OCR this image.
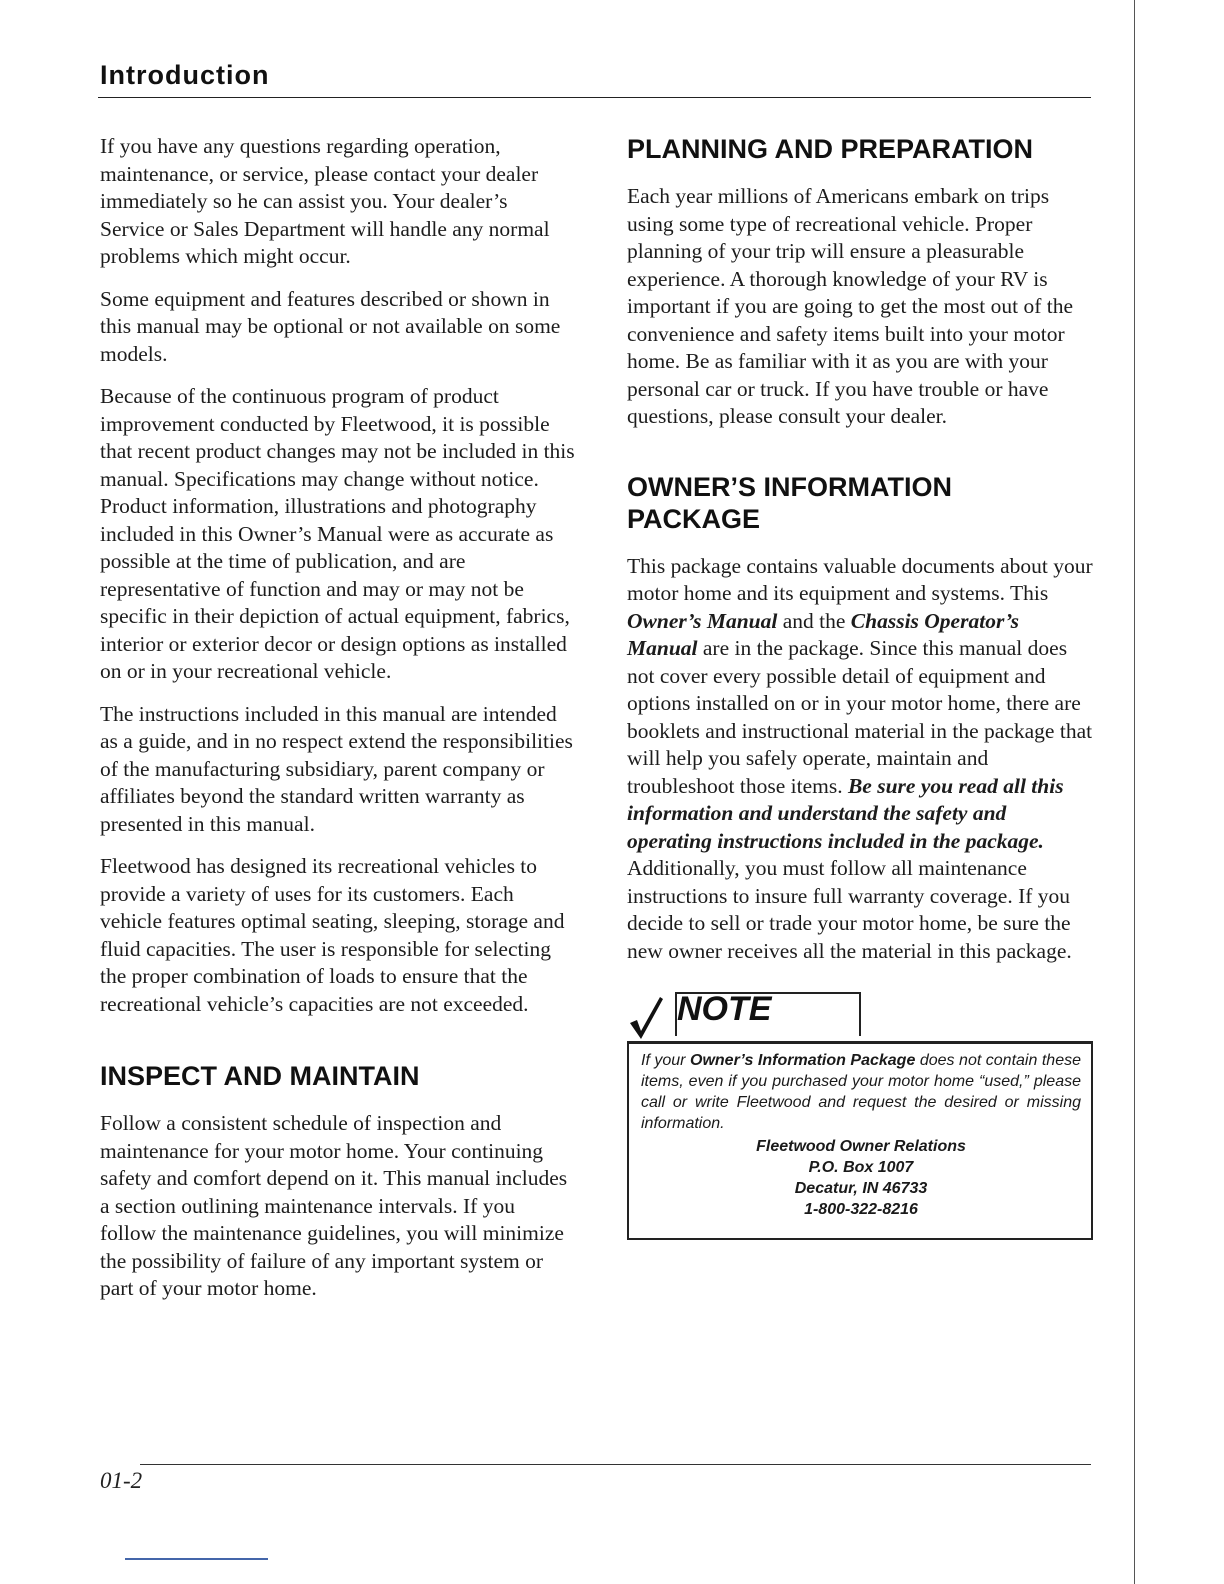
Introduction

If you have any questions regarding operation, maintenance, or service, please contact your dealer immediately so he can assist you. Your dealer’s Service or Sales Department will handle any normal problems which might occur.

Some equipment and features described or shown in this manual may be optional or not available on some models.

Because of the continuous program of product improvement conducted by Fleetwood, it is possible that recent product changes may not be included in this manual. Specifications may change without notice. Product information, illustrations and photography included in this Owner’s Manual were as accurate as possible at the time of publication, and are representative of function and may or may not be specific in their depiction of actual equipment, fabrics, interior or exterior decor or design options as installed on or in your recreational vehicle.

The instructions included in this manual are intended as a guide, and in no respect extend the responsibilities of the manufacturing subsidiary, parent company or affiliates beyond the standard written warranty as presented in this manual.

Fleetwood has designed its recreational vehicles to provide a variety of uses for its customers. Each vehicle features optimal seating, sleeping, storage and fluid capacities. The user is responsible for selecting the proper combination of loads to ensure that the recreational vehicle’s capacities are not exceeded.

INSPECT AND MAINTAIN

Follow a consistent schedule of inspection and maintenance for your motor home. Your continuing safety and comfort depend on it. This manual includes a section outlining maintenance intervals. If you follow the maintenance guidelines, you will minimize the possibility of failure of any important system or part of your motor home.

PLANNING AND PREPARATION

Each year millions of Americans embark on trips using some type of recreational vehicle. Proper planning of your trip will ensure a pleasurable experience. A thorough knowledge of your RV is important if you are going to get the most out of the convenience and safety items built into your motor home. Be as familiar with it as you are with your personal car or truck. If you have trouble or have questions, please consult your dealer.

OWNER’S INFORMATION
PACKAGE

This package contains valuable documents about your motor home and its equipment and systems. This Owner’s Manual and the Chassis Operator’s Manual are in the package. Since this manual does not cover every possible detail of equipment and options installed on or in your motor home, there are booklets and instructional material in the package that will help you safely operate, maintain and troubleshoot those items. Be sure you read all this information and understand the safety and operating instructions included in the package. Additionally, you must follow all maintenance instructions to insure full warranty coverage. If you decide to sell or trade your motor home, be sure the new owner receives all the material in this package.

NOTE

If your Owner’s Information Package does not contain these items, even if you purchased your motor home “used,” please call or write Fleetwood and request the desired or missing information.

Fleetwood Owner Relations
P.O. Box 1007
Decatur, IN 46733
1-800-322-8216
01-2
